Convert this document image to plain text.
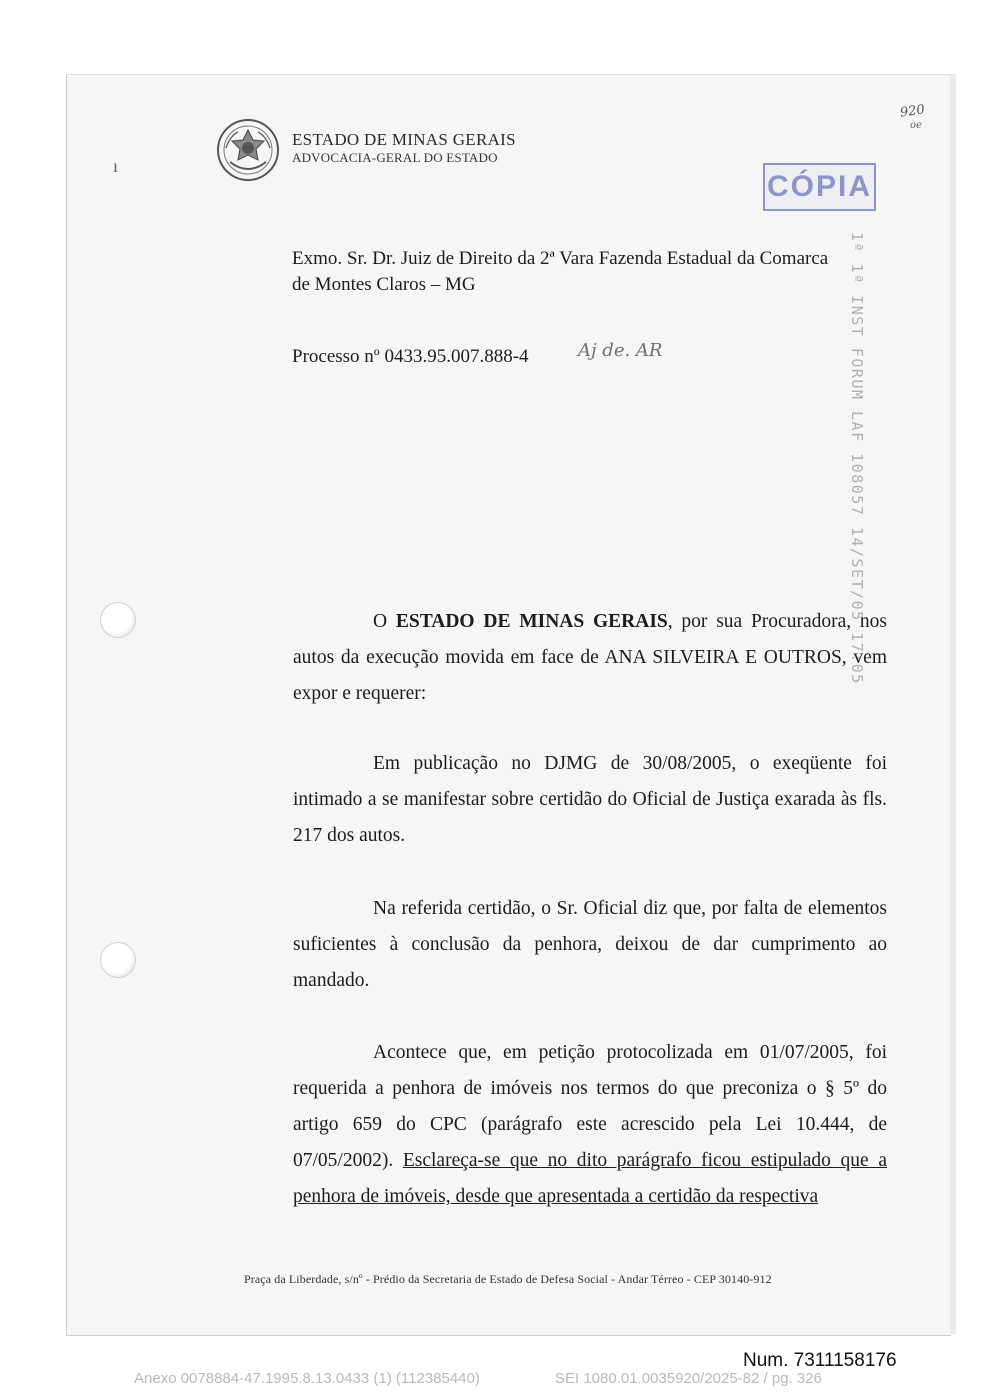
ESTADO DE MINAS GERAIS
ADVOCACIA-GERAL DO ESTADO
920
oe
CÓPIA
1ª 1ª INST FORUM LAF 108057 14/SET/05 17:05
Exmo. Sr. Dr. Juiz de Direito da 2ª Vara Fazenda Estadual da Comarca
de Montes Claros – MG
Processo nº 0433.95.007.888-4	Aj de. AR
O ESTADO DE MINAS GERAIS, por sua Procuradora, nos autos da execução movida em face de ANA SILVEIRA E OUTROS, vem expor e requerer:
Em publicação no DJMG de 30/08/2005, o exeqüente foi intimado a se manifestar sobre certidão do Oficial de Justiça exarada às fls. 217 dos autos.
Na referida certidão, o Sr. Oficial diz que, por falta de elementos suficientes à conclusão da penhora, deixou de dar cumprimento ao mandado.
Acontece que, em petição protocolizada em 01/07/2005, foi requerida a penhora de imóveis nos termos do que preconiza o § 5º do artigo 659 do CPC (parágrafo este acrescido pela Lei 10.444, de 07/05/2002). Esclareça-se que no dito parágrafo ficou estipulado que a penhora de imóveis, desde que apresentada a certidão da respectiva
Praça da Liberdade, s/nº - Prédio da Secretaria de Estado de Defesa Social - Andar Térreo - CEP 30140-912
ı
Num. 7311158176
Anexo 0078884-47.1995.8.13.0433 (1) (112385440)	SEI 1080.01.0035920/2025-82 / pg. 326
